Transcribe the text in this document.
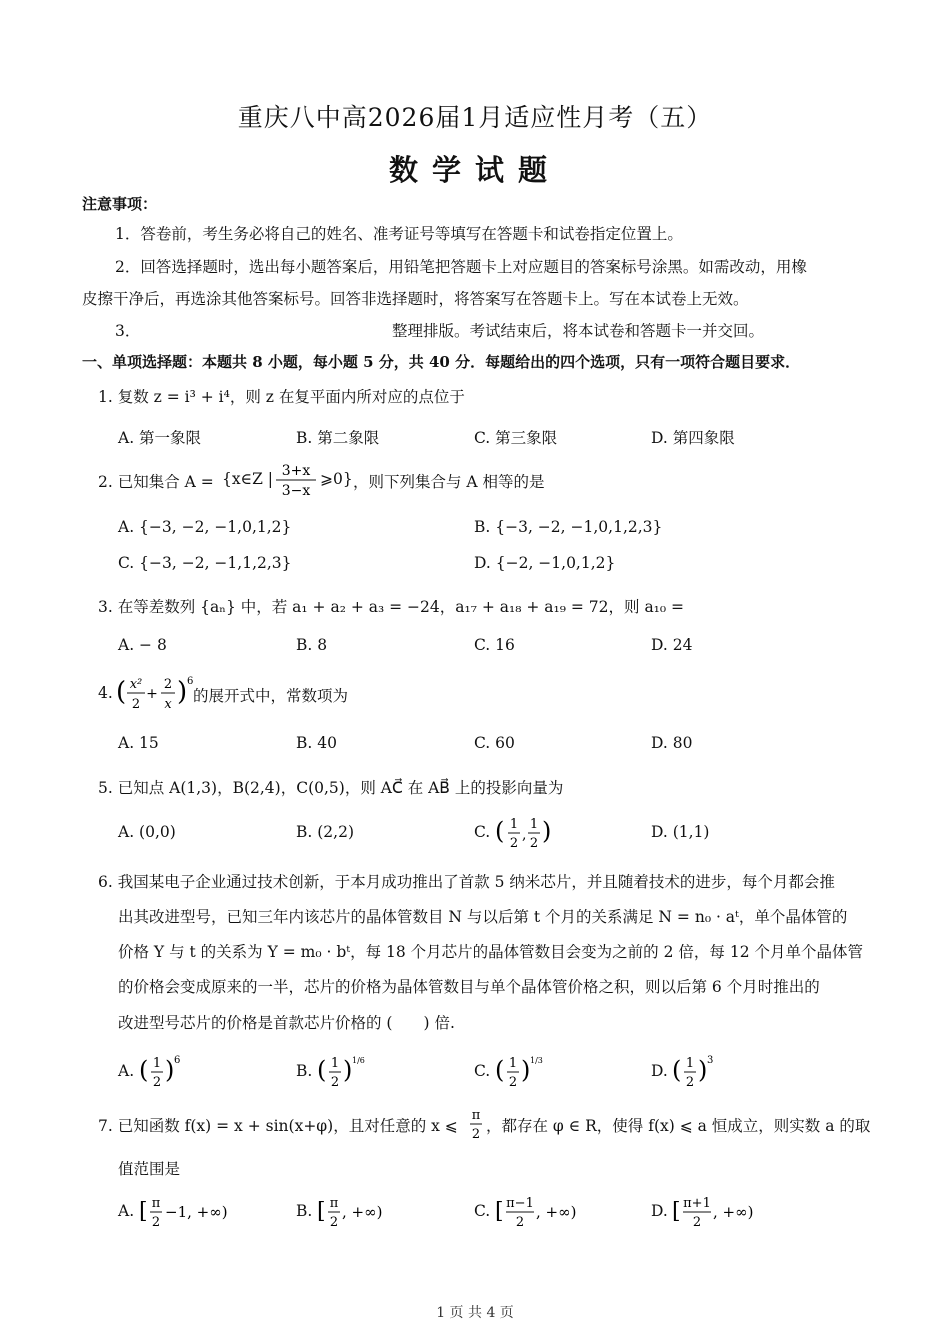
重庆八中高2026届1月适应性月考（五）
数学试题
注意事项：
1．答卷前，考生务必将自己的姓名、准考证号等填写在答题卡和试卷指定位置上。
2．回答选择题时，选出每小题答案后，用铅笔把答题卡上对应题目的答案标号涂黑。如需改动，用橡
皮擦干净后，再选涂其他答案标号。回答非选择题时，将答案写在答题卡上。写在本试卷上无效。
3．	整理排版。考试结束后，将本试卷和答题卡一并交回。
一、单项选择题：本题共 8 小题，每小题 5 分，共 40 分．每题给出的四个选项，只有一项符合题目要求．
1. 复数 z = i³ + i⁴，则 z 在复平面内所对应的点位于
A. 第一象限	B. 第二象限	C. 第三象限	D. 第四象限
2. 已知集合 A = {x∈Z | 3+x
3−x
⩾0} ，则下列集合与 A 相等的是
A. {−3, −2, −1,0,1,2}	B. {−3, −2, −1,0,1,2,3}
C. {−3, −2, −1,1,2,3}	D. {−2, −1,0,1,2}
3. 在等差数列 {aₙ} 中，若 a₁ + a₂ + a₃ = −24，a₁₇ + a₁₈ + a₁₉ = 72，则 a₁₀ =
A. − 8	B. 8	C. 16	D. 24
4. ( x²
2
+
2
x ) 6
的展开式中，常数项为
A. 15	B. 40	C. 60	D. 80
5. 已知点 A(1,3)，B(2,4)，C(0,5)，则 AC⃗ 在 AB⃗ 上的投影向量为
A. (0,0)	B. (2,2)	C. ( 1
2
,
1
2 )	D. (1,1)
6. 我国某电子企业通过技术创新，于本月成功推出了首款 5 纳米芯片，并且随着技术的进步，每个月都会推
出其改进型号，已知三年内该芯片的晶体管数目 N 与以后第 t 个月的关系满足 N = n₀ · aᵗ，单个晶体管的
价格 Y 与 t 的关系为 Y = m₀ · bᵗ，每 18 个月芯片的晶体管数目会变为之前的 2 倍，每 12 个月单个晶体管
的价格会变成原来的一半，芯片的价格为晶体管数目与单个晶体管价格之积，则以后第 6 个月时推出的
改进型号芯片的价格是首款芯片价格的 (　　) 倍.
A. ( 1
2 ) 6
B. ( 1
2 ) 1/6
C. ( 1
2 ) 1/3
D. ( 1
2 ) 3
7. 已知函数 f(x) = x + sin(x+φ)，且对任意的 x ⩽
π
2 ，都存在 φ ∈ R，使得 f(x) ⩽ a 恒成立，则实数 a 的取
值范围是
A. [ π
2
−1, +∞)	B. [ π
2
, +∞)	C. [ π−1
2
, +∞)	D. [ π+1
2
, +∞)
1 页 共 4 页
